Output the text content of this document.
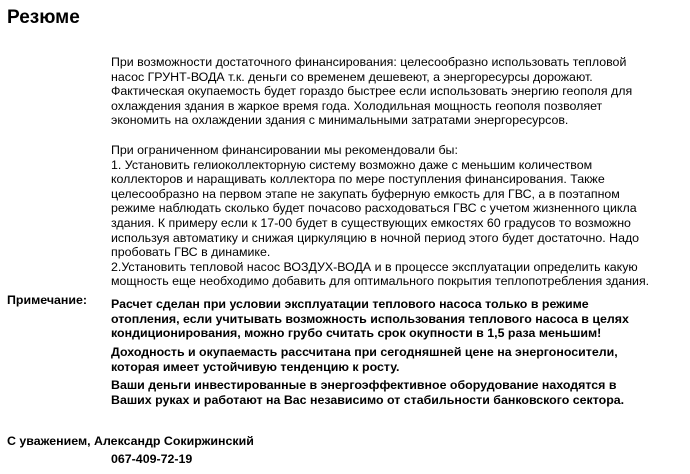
Резюме
При возможности достаточного финансирования: целесообразно использовать тепловой
насос ГРУНТ-ВОДА т.к. деньги со временем дешевеют, а энергоресурсы дорожают.
Фактическая окупаемость будет гораздо быстрее если использовать энергию геополя для
охлаждения здания в жаркое время года. Холодильная мощность геополя позволяет
экономить на охлаждении здания с минимальными затратами энергоресурсов.
При ограниченном финансировании мы рекомендовали бы:
1. Установить гелиоколлекторную систему возможно даже с меньшим количеством
коллекторов и наращивать коллектора по мере поступления финансирования. Также
целесообразно на первом этапе не закупать буферную емкость для ГВС, а в поэтапном
режиме наблюдать сколько будет почасово расходоваться ГВС с учетом жизненного цикла
здания. К примеру если к 17-00 будет в существующих емкостях 60 градусов то возможно
используя автоматику и снижая циркуляцию в ночной период этого будет достаточно. Надо
пробовать ГВС в динамике.
2.Установить тепловой насос ВОЗДУХ-ВОДА и в процессе эксплуатации определить какую
мощность еще необходимо добавить для оптимального покрытия теплопотребления здания.
Примечание: Расчет сделан при условии эксплуатации теплового насоса только в режиме
отопления, если учитывать возможность использования теплового насоса в целях
кондиционирования, можно грубо считать срок окупности в 1,5 раза меньшим!
Доходность и окупаемасть рассчитана при сегодняшней цене на энергоносители,
которая имеет устойчивую тенденцию к росту.
Ваши деньги инвестированные в энергоэффективное оборудование находятся в
Ваших руках и работают на Вас независимо от стабильности банковского сектора.
С уважением, Александр Сокиржинский
067-409-72-19
